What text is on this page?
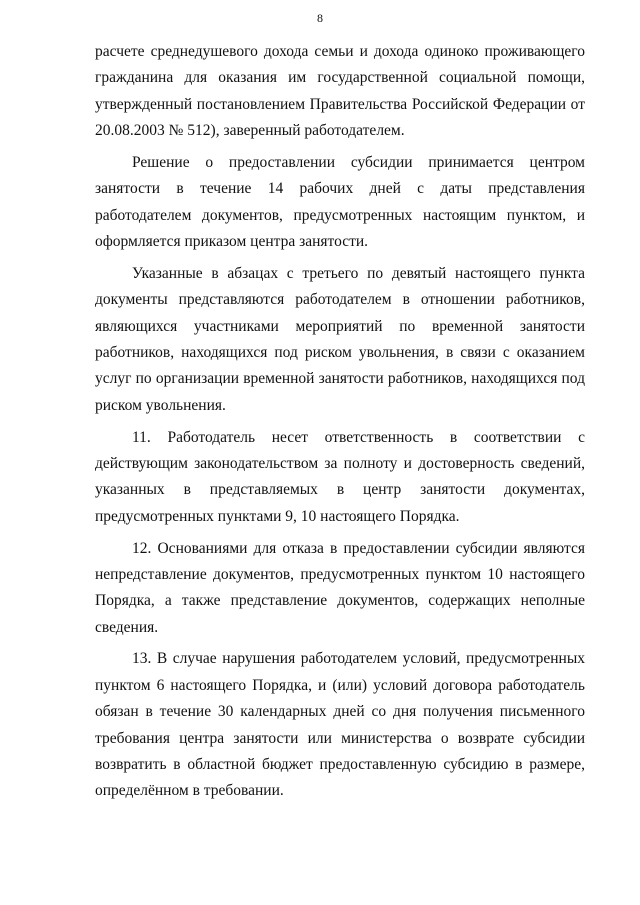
8

расчете среднедушевого дохода семьи и дохода одиноко проживающего гражданина для оказания им государственной социальной помощи, утвержденный постановлением Правительства Российской Федерации от 20.08.2003 № 512), заверенный работодателем.

Решение о предоставлении субсидии принимается центром занятости в течение 14 рабочих дней с даты представления работодателем документов, предусмотренных настоящим пунктом, и оформляется приказом центра занятости.

Указанные в абзацах с третьего по девятый настоящего пункта документы представляются работодателем в отношении работников, являющихся участниками мероприятий по временной занятости работников, находящихся под риском увольнения, в связи с оказанием услуг по организации временной занятости работников, находящихся под риском увольнения.

11. Работодатель несет ответственность в соответствии с действующим законодательством за полноту и достоверность сведений, указанных в представляемых в центр занятости документах, предусмотренных пунктами 9, 10 настоящего Порядка.

12. Основаниями для отказа в предоставлении субсидии являются непредставление документов, предусмотренных пунктом 10 настоящего Порядка, а также представление документов, содержащих неполные сведения.

13. В случае нарушения работодателем условий, предусмотренных пунктом 6 настоящего Порядка, и (или) условий договора работодатель обязан в течение 30 календарных дней со дня получения письменного требования центра занятости или министерства о возврате субсидии возвратить в областной бюджет предоставленную субсидию в размере, определённом в требовании.
